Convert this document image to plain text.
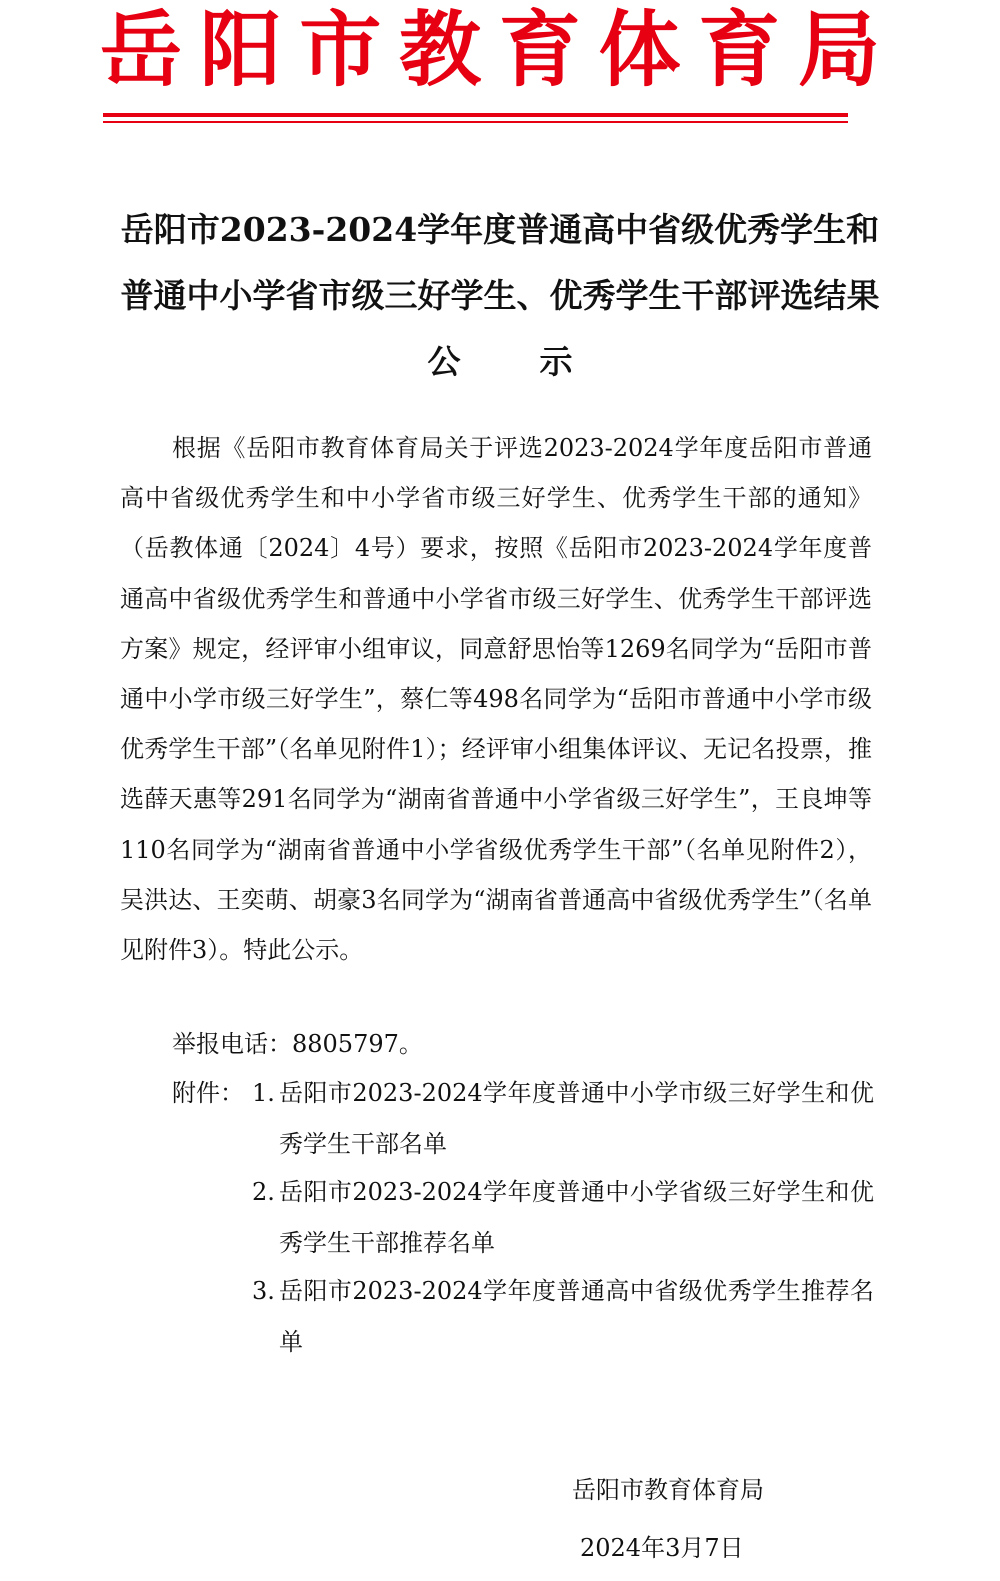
岳阳市教育体育局
岳阳市2023-2024学年度普通高中省级优秀学生和
普通中小学省市级三好学生、优秀学生干部评选结果
公 示

根据《岳阳市教育体育局关于评选2023-2024学年度岳阳市普通高中省级优秀学生和中小学省市级三好学生、优秀学生干部的通知》（岳教体通〔2024〕4号）要求，按照《岳阳市2023-2024学年度普通高中省级优秀学生和普通中小学省市级三好学生、优秀学生干部评选方案》规定，经评审小组审议，同意舒思怡等1269名同学为“岳阳市普通中小学市级三好学生”，蔡仁等498名同学为“岳阳市普通中小学市级优秀学生干部”（名单见附件1）；经评审小组集体评议、无记名投票，推选薛天惠等291名同学为“湖南省普通中小学省级三好学生”，王良坤等110名同学为“湖南省普通中小学省级优秀学生干部”（名单见附件2），吴洪达、王奕萌、胡豪3名同学为“湖南省普通高中省级优秀学生”（名单见附件3）。特此公示。

举报电话：8805797。
附件： 1. 岳阳市2023-2024学年度普通中小学市级三好学生和优秀学生干部名单
2. 岳阳市2023-2024学年度普通中小学省级三好学生和优秀学生干部推荐名单
3. 岳阳市2023-2024学年度普通高中省级优秀学生推荐名单
岳阳市教育体育局
2024年3月7日
